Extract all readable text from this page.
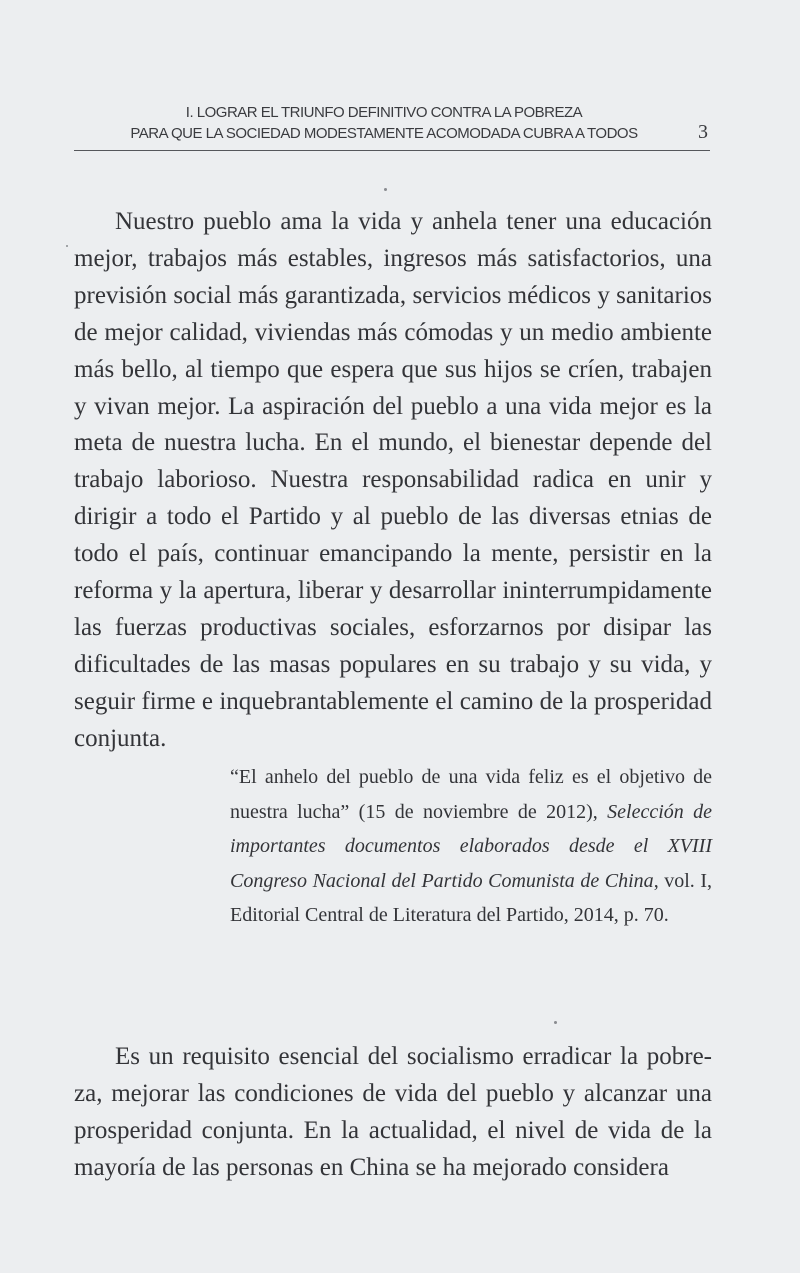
I. LOGRAR EL TRIUNFO DEFINITIVO CONTRA LA POBREZA
PARA QUE LA SOCIEDAD MODESTAMENTE ACOMODADA CUBRA A TODOS	3

Nuestro pueblo ama la vida y anhela tener una educación mejor, trabajos más estables, ingresos más satisfactorios, una previsión social más garantizada, servicios médicos y sanitarios de mejor calidad, viviendas más cómodas y un medio ambiente más bello, al tiempo que espera que sus hijos se críen, trabajen y vivan mejor. La aspiración del pueblo a una vida mejor es la meta de nuestra lucha. En el mundo, el bienestar depende del trabajo laborioso. Nuestra responsabilidad radica en unir y dirigir a todo el Partido y al pueblo de las diversas etnias de todo el país, continuar emancipando la mente, persistir en la reforma y la apertura, liberar y desarrollar ininterrumpidamente las fuerzas productivas sociales, esforzarnos por disipar las dificultades de las masas populares en su trabajo y su vida, y seguir firme e inquebrantablemente el camino de la prosperidad conjunta.

“El anhelo del pueblo de una vida feliz es el objetivo de nuestra lucha” (15 de noviembre de 2012), Selección de importantes documentos elaborados desde el XVIII Congreso Nacional del Partido Comunista de China, vol. I, Editorial Central de Literatura del Partido, 2014, p. 70.

Es un requisito esencial del socialismo erradicar la pobreza, mejorar las condiciones de vida del pueblo y alcanzar una prosperidad conjunta. En la actualidad, el nivel de vida de la mayoría de las personas en China se ha mejorado considera
